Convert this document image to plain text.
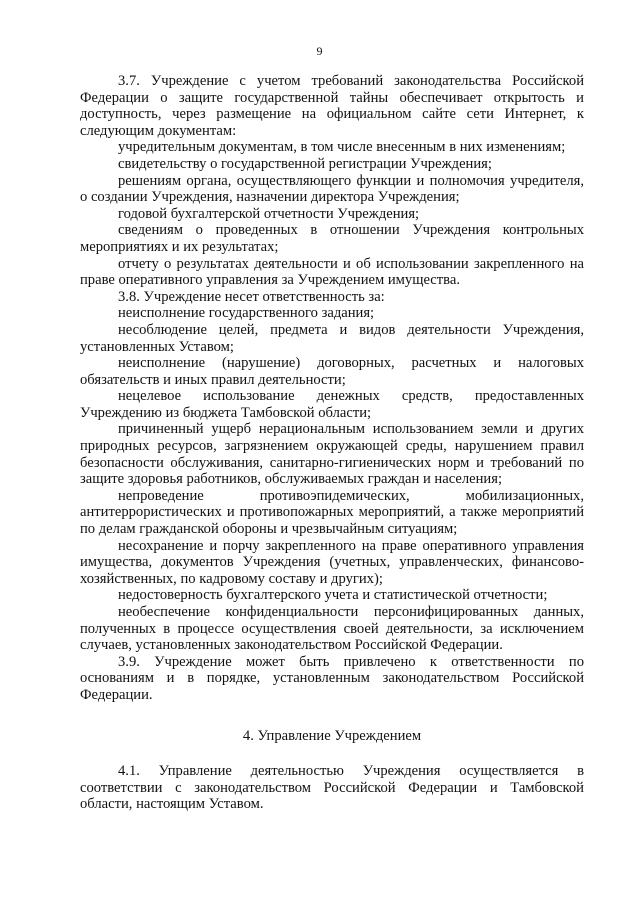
9

3.7. Учреждение с учетом требований законодательства Российской Федерации о защите государственной тайны обеспечивает открытость и доступность, через размещение на официальном сайте сети Интернет, к следующим документам:

учредительным документам, в том числе внесенным в них изменениям;

свидетельству о государственной регистрации Учреждения;

решениям органа, осуществляющего функции и полномочия учредителя, о создании Учреждения, назначении директора Учреждения;

годовой бухгалтерской отчетности Учреждения;

сведениям о проведенных в отношении Учреждения контрольных мероприятиях и их результатах;

отчету о результатах деятельности и об использовании закрепленного на праве оперативного управления за Учреждением имущества.

3.8. Учреждение несет ответственность за:

неисполнение государственного задания;

несоблюдение целей, предмета и видов деятельности Учреждения, установленных Уставом;

неисполнение (нарушение) договорных, расчетных и налоговых обязательств и иных правил деятельности;

нецелевое использование денежных средств, предоставленных Учреждению из бюджета Тамбовской области;

причиненный ущерб нерациональным использованием земли и других природных ресурсов, загрязнением окружающей среды, нарушением правил безопасности обслуживания, санитарно-гигиенических норм и требований по защите здоровья работников, обслуживаемых граждан и населения;

непроведение противоэпидемических, мобилизационных, антитеррористических и противопожарных мероприятий, а также мероприятий по делам гражданской обороны и чрезвычайным ситуациям;

несохранение и порчу закрепленного на праве оперативного управления имущества, документов Учреждения (учетных, управленческих, финансово-хозяйственных, по кадровому составу и других);

недостоверность бухгалтерского учета и статистической отчетности;

необеспечение конфиденциальности персонифицированных данных, полученных в процессе осуществления своей деятельности, за исключением случаев, установленных законодательством Российской Федерации.

3.9. Учреждение может быть привлечено к ответственности по основаниям и в порядке, установленным законодательством Российской Федерации.

4. Управление Учреждением

4.1. Управление деятельностью Учреждения осуществляется в соответствии с законодательством Российской Федерации и Тамбовской области, настоящим Уставом.
